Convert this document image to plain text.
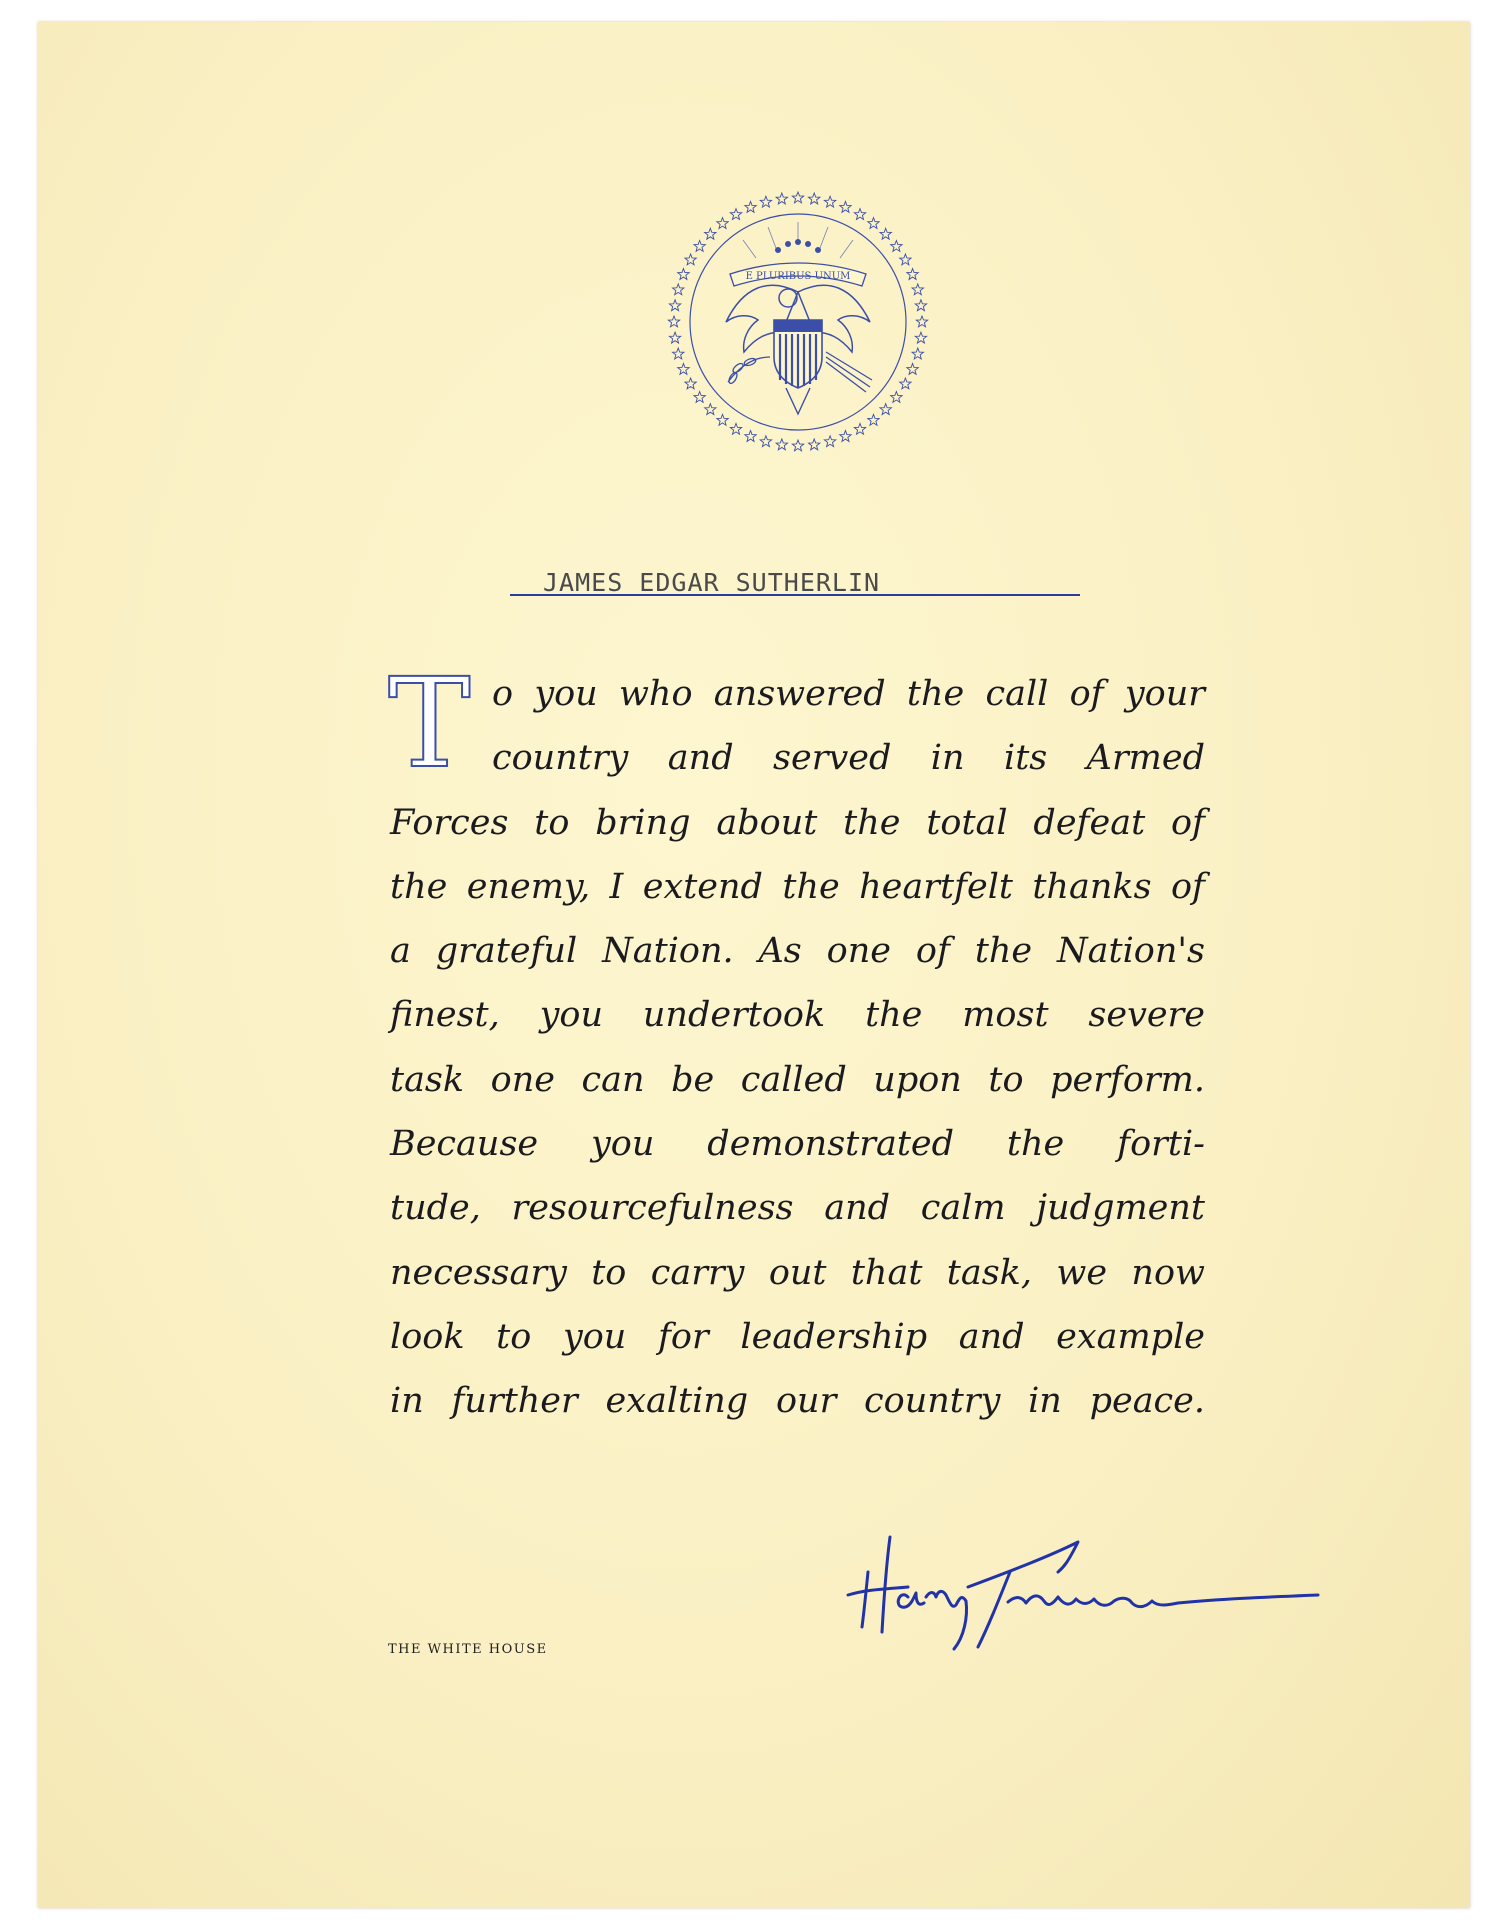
E PLURIBUS UNUM
JAMES EDGAR SUTHERLIN
T o you who answered the call of your
country and served in its Armed
Forces to bring about the total defeat of
the enemy, I extend the heartfelt thanks of
a grateful Nation. As one of the Nation's
finest, you undertook the most severe
task one can be called upon to perform.
Because you demonstrated the forti-
tude, resourcefulness and calm judgment
necessary to carry out that task, we now
look to you for leadership and example
in further exalting our country in peace.
THE WHITE HOUSE
